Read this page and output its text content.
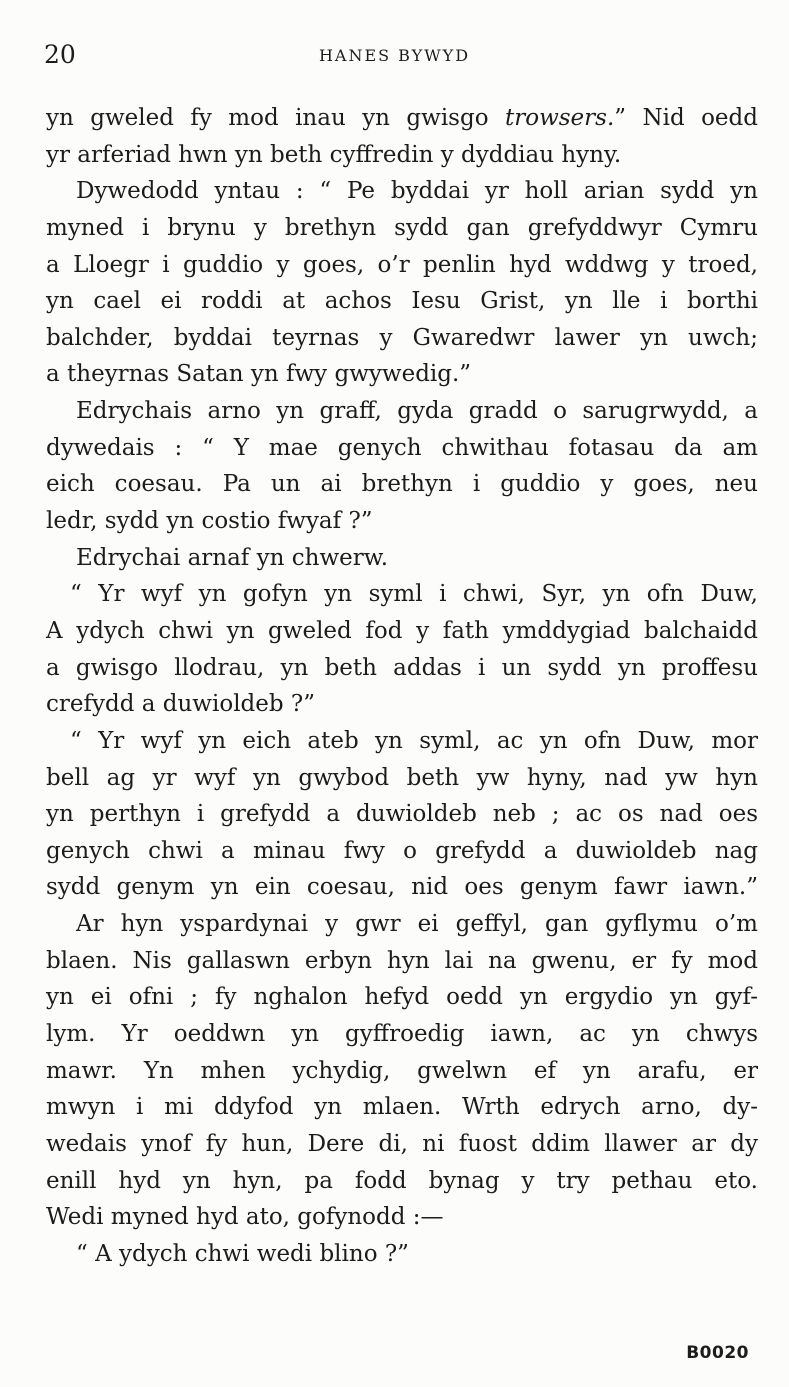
20	HANES BYWYD
yn gweled fy mod inau yn gwisgo trowsers.” Nid oedd
yr arferiad hwn yn beth cyffredin y dyddiau hyny.
Dywedodd yntau : “ Pe byddai yr holl arian sydd yn
myned i brynu y brethyn sydd gan grefyddwyr Cymru
a Lloegr i guddio y goes, o’r penlin hyd wddwg y troed,
yn cael ei roddi at achos Iesu Grist, yn lle i borthi
balchder, byddai teyrnas y Gwaredwr lawer yn uwch;
a theyrnas Satan yn fwy gwywedig.”
Edrychais arno yn graff, gyda gradd o sarugrwydd, a
dywedais : “ Y mae genych chwithau fotasau da am
eich coesau. Pa un ai brethyn i guddio y goes, neu
ledr, sydd yn costio fwyaf ?”
Edrychai arnaf yn chwerw.
“ Yr wyf yn gofyn yn syml i chwi, Syr, yn ofn Duw,
A ydych chwi yn gweled fod y fath ymddygiad balchaidd
a gwisgo llodrau, yn beth addas i un sydd yn proffesu
crefydd a duwioldeb ?”
“ Yr wyf yn eich ateb yn syml, ac yn ofn Duw, mor
bell ag yr wyf yn gwybod beth yw hyny, nad yw hyn
yn perthyn i grefydd a duwioldeb neb ; ac os nad oes
genych chwi a minau fwy o grefydd a duwioldeb nag
sydd genym yn ein coesau, nid oes genym fawr iawn.”
Ar hyn yspardynai y gwr ei geffyl, gan gyflymu o’m
blaen. Nis gallaswn erbyn hyn lai na gwenu, er fy mod
yn ei ofni ; fy nghalon hefyd oedd yn ergydio yn gyf-
lym. Yr oeddwn yn gyffroedig iawn, ac yn chwys
mawr. Yn mhen ychydig, gwelwn ef yn arafu, er
mwyn i mi ddyfod yn mlaen. Wrth edrych arno, dy-
wedais ynof fy hun, Dere di, ni fuost ddim llawer ar dy
enill hyd yn hyn, pa fodd bynag y try pethau eto.
Wedi myned hyd ato, gofynodd :—
“ A ydych chwi wedi blino ?”
B0020
